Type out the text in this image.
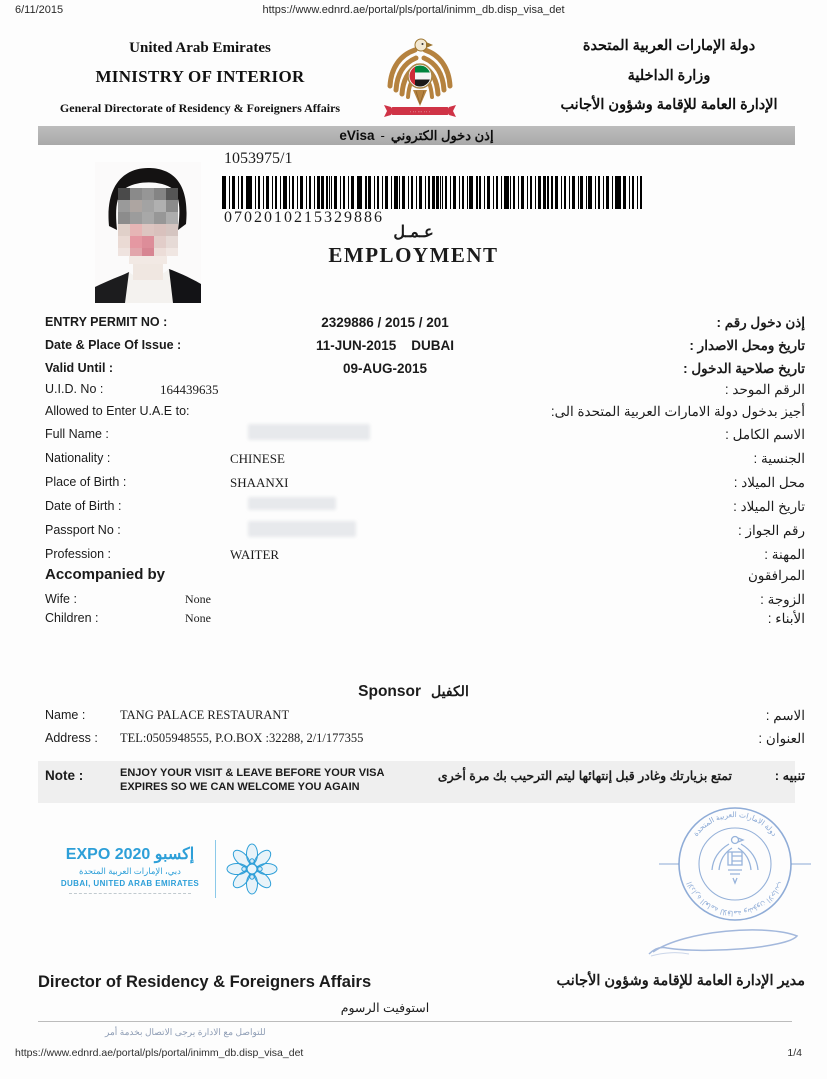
6/11/2015	https://www.ednrd.ae/portal/pls/portal/inimm_db.disp_visa_det
United Arab Emirates
MINISTRY OF INTERIOR
General Directorate of Residency & Foreigners Affairs
دولة الإمارات العربية المتحدة
وزارة الداخلية
الإدارة العامة للإقامة وشؤون الأجانب
· ·· ··· ·· ·
eVisa - إذن دخول الكتروني
1053975/1
0702010215329886
عـمـل
EMPLOYMENT
ENTRY PERMIT NO :	2329886 / 2015 / 201	إذن دخول رقم :
Date & Place Of Issue :	11-JUN-2015    DUBAI	تاريخ ومحل الاصدار :
Valid Until :	09-AUG-2015	تاريخ صلاحية الدخول :
U.I.D. No :	164439635	الرقم الموحد :
Allowed to Enter U.A.E to:	أجيز بدخول دولة الامارات العربية المتحدة الى:
Full Name :	الاسم الكامل :
Nationality :	CHINESE	الجنسية :
Place of Birth :	SHAANXI	محل الميلاد :
Date of Birth :	تاريخ الميلاد :
Passport No :	رقم الجواز :
Profession :	WAITER	المهنة :
Accompanied by	المرافقون
Wife :	None	الزوجة :
Children :	None	الأبناء :
Sponsor الكفيل
Name :	TANG PALACE RESTAURANT	الاسم :
Address : TEL:0505948555, P.O.BOX :32288, 2/1/177355	العنوان :
Note :	ENJOY YOUR VISIT & LEAVE BEFORE YOUR VISA
EXPIRES SO WE CAN WELCOME YOU AGAIN
تنبيه :
تمتع بزيارتك وغادر قبل إنتهائها ليتم الترحيب بك مرة أخرى
EXPO 2020 إكسبو
دبي، الإمارات العربية المتحدة
DUBAI, UNITED ARAB EMIRATES
دولة الامارات العربية المتحدة
الادارة العامة للاقامة وشؤون الاجانب
Director of Residency & Foreigners Affairs	مدير الإدارة العامة للإقامة وشؤون الأجانب
استوفيت الرسوم
للتواصل مع الادارة يرجى الاتصال بخدمة أمر
https://www.ednrd.ae/portal/pls/portal/inimm_db.disp_visa_det	1/4
